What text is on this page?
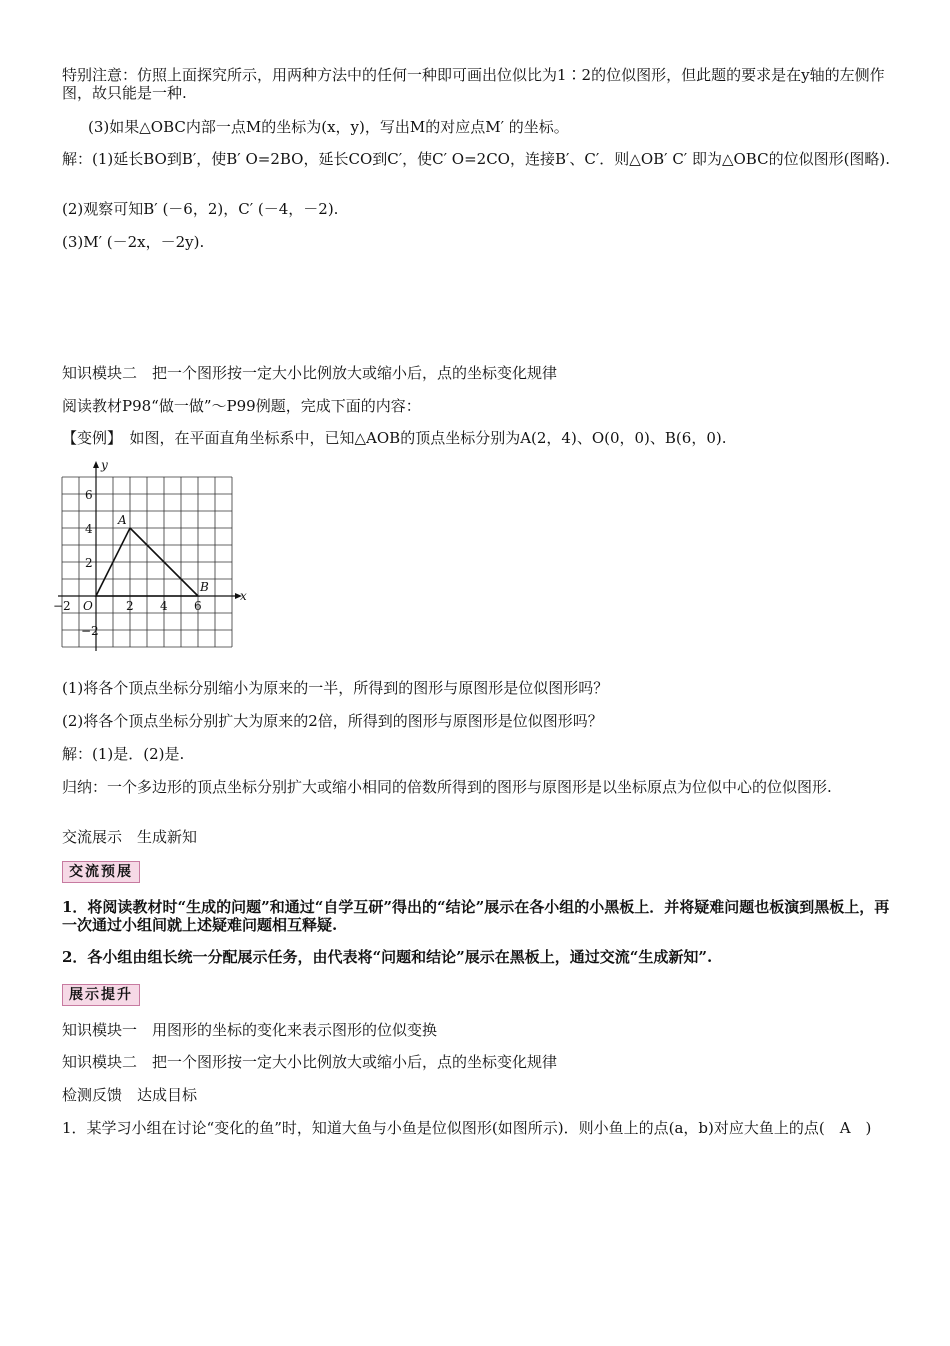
特别注意：仿照上面探究所示，用两种方法中的任何一种即可画出位似比为1∶2的位似图形，但此题的要求是在y轴的左侧作图，故只能是一种.

(3)如果△OBC内部一点M的坐标为(x，y)，写出M的对应点M′ 的坐标。

解：(1)延长BO到B′，使B′ O=2BO，延长CO到C′，使C′ O=2CO，连接B′、C′．则△OB′ C′ 即为△OBC的位似图形(图略).

(2)观察可知B′ (－6，2)，C′ (－4，－2).

(3)M′ (－2x，－2y).

知识模块二　把一个图形按一定大小比例放大或缩小后，点的坐标变化规律

阅读教材P98“做一做”～P99例题，完成下面的内容：

【变例】　如图，在平面直角坐标系中，已知△AOB的顶点坐标分别为A(2，4)、O(0，0)、B(6，0).

x
y
O
−2	2 4 6
6
4
2
−2
A
B

(1)将各个顶点坐标分别缩小为原来的一半，所得到的图形与原图形是位似图形吗？

(2)将各个顶点坐标分别扩大为原来的2倍，所得到的图形与原图形是位似图形吗？

解：(1)是．(2)是.

归纳：一个多边形的顶点坐标分别扩大或缩小相同的倍数所得到的图形与原图形是以坐标原点为位似中心的位似图形.

交流展示　生成新知

交流预展

1．将阅读教材时“生成的问题”和通过“自学互研”得出的“结论”展示在各小组的小黑板上．并将疑难问题也板演到黑板上，再一次通过小组间就上述疑难问题相互释疑.

2．各小组由组长统一分配展示任务，由代表将“问题和结论”展示在黑板上，通过交流“生成新知”.

展示提升

知识模块一　用图形的坐标的变化来表示图形的位似变换

知识模块二　把一个图形按一定大小比例放大或缩小后，点的坐标变化规律

检测反馈　达成目标

1．某学习小组在讨论“变化的鱼”时，知道大鱼与小鱼是位似图形(如图所示)．则小鱼上的点(a，b)对应大鱼上的点(　A　)
